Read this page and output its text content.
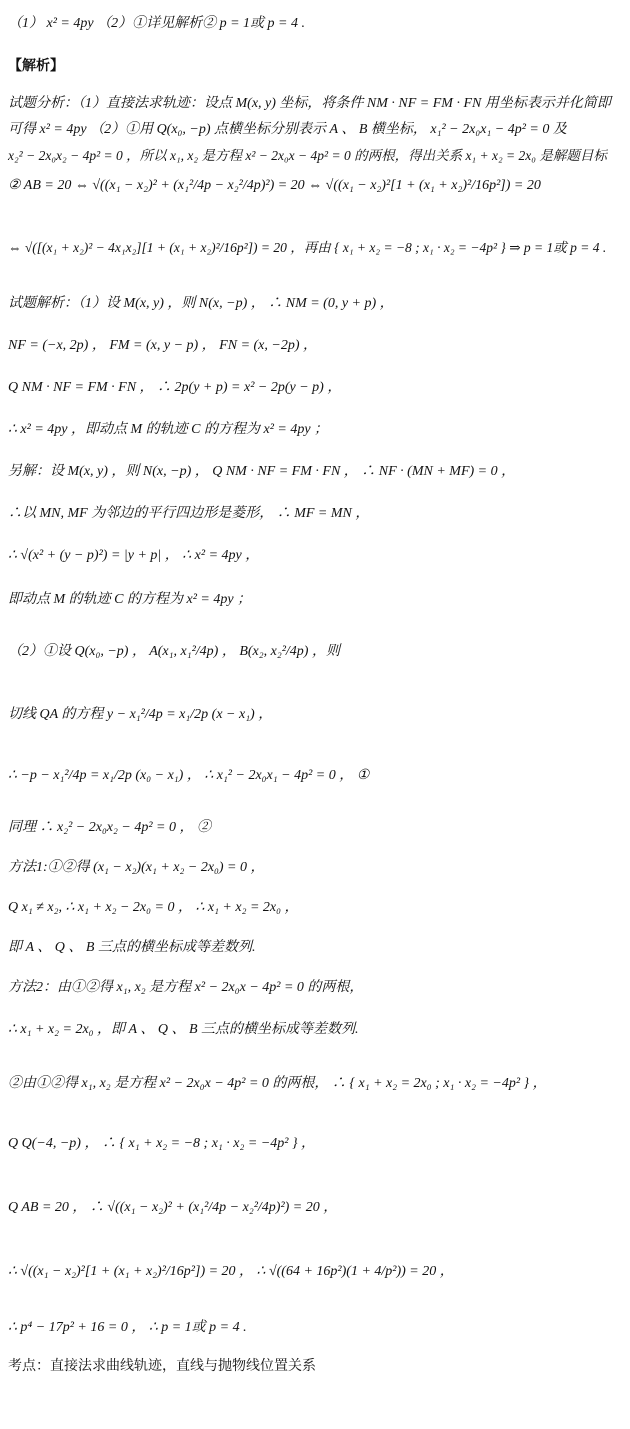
（1） x² = 4py （2）①详见解析② p = 1或 p = 4 .
【解析】
试题分析：（1）直接法求轨迹：设点 M(x, y) 坐标，将条件 NM · NF = FM · FN 用坐标表示并化简即
可得 x² = 4py （2）①用 Q(x₀, −p) 点横坐标分别表示 A 、 B 横坐标， x₁² − 2x₀x₁ − 4p² = 0 及
x₂² − 2x₀x₂ − 4p² = 0 ，所以 x₁, x₂ 是方程 x² − 2x₀x − 4p² = 0 的两根，得出关系 x₁ + x₂ = 2x₀ 是解题目标
② AB = 20 ⇔ √((x₁ − x₂)² + (x₁²/4p − x₂²/4p)²) = 20 ⇔ √((x₁ − x₂)²[1 + (x₁ + x₂)²/16p²]) = 20
⇔ √([(x₁ + x₂)² − 4x₁x₂][1 + (x₁ + x₂)²/16p²]) = 20 ，再由 { x₁ + x₂ = −8 ; x₁ · x₂ = −4p² } ⇒ p = 1或 p = 4 .
试题解析：（1）设 M(x, y) ，则 N(x, −p) ， ∴ NM = (0, y + p) ，
NF = (−x, 2p) ， FM = (x, y − p) ， FN = (x, −2p) ，
Q NM · NF = FM · FN ， ∴ 2p(y + p) = x² − 2p(y − p) ，
∴ x² = 4py ，即动点 M 的轨迹 C 的方程为 x² = 4py ；
另解：设 M(x, y) ，则 N(x, −p) ， Q NM · NF = FM · FN ， ∴ NF · (MN + MF) = 0 ，
∴以 MN, MF 为邻边的平行四边形是菱形， ∴ MF = MN ，
∴ √(x² + (y − p)²) = |y + p| ， ∴ x² = 4py ，
即动点 M 的轨迹 C 的方程为 x² = 4py ；
（2）①设 Q(x₀, −p) ， A(x₁, x₁²/4p) ， B(x₂, x₂²/4p) ，则
切线 QA 的方程 y − x₁²/4p = x₁/2p (x − x₁) ，
∴ −p − x₁²/4p = x₁/2p (x₀ − x₁) ， ∴ x₁² − 2x₀x₁ − 4p² = 0 ， ①
同理 ∴ x₂² − 2x₀x₂ − 4p² = 0 ， ②
方法1:①②得 (x₁ − x₂)(x₁ + x₂ − 2x₀) = 0 ，
Q x₁ ≠ x₂, ∴ x₁ + x₂ − 2x₀ = 0 ， ∴ x₁ + x₂ = 2x₀ ，
即 A 、 Q 、 B 三点的横坐标成等差数列.
方法2：由①②得 x₁, x₂ 是方程 x² − 2x₀x − 4p² = 0 的两根，
∴ x₁ + x₂ = 2x₀ ，即 A 、 Q 、 B 三点的横坐标成等差数列.
②由①②得 x₁, x₂ 是方程 x² − 2x₀x − 4p² = 0 的两根， ∴ { x₁ + x₂ = 2x₀ ; x₁ · x₂ = −4p² } ，
Q Q(−4, −p) ， ∴ { x₁ + x₂ = −8 ; x₁ · x₂ = −4p² } ，
Q AB = 20 ， ∴ √((x₁ − x₂)² + (x₁²/4p − x₂²/4p)²) = 20 ，
∴ √((x₁ − x₂)²[1 + (x₁ + x₂)²/16p²]) = 20 ， ∴ √((64 + 16p²)(1 + 4/p²)) = 20 ，
∴ p⁴ − 17p² + 16 = 0 ， ∴ p = 1或 p = 4 .
考点：直接法求曲线轨迹，直线与抛物线位置关系
